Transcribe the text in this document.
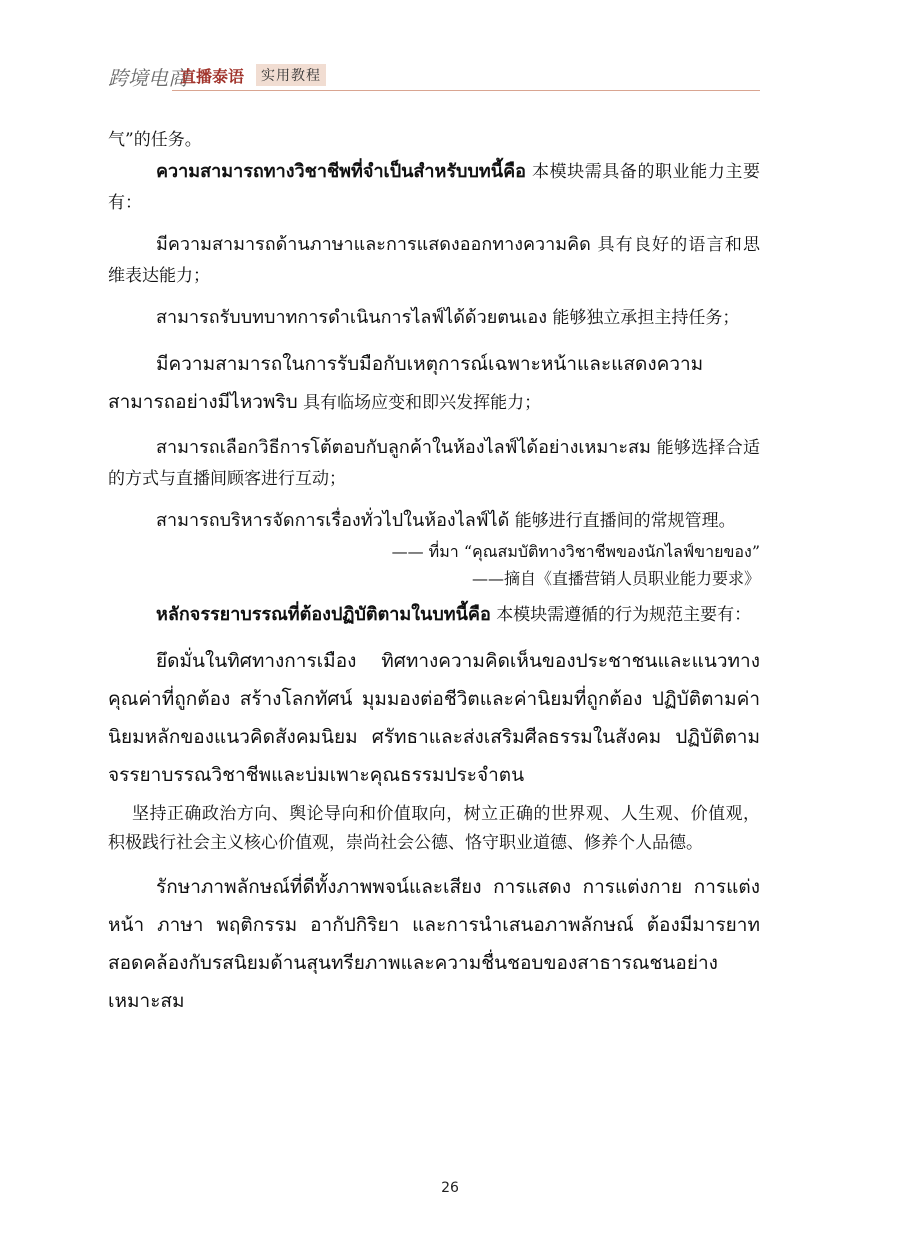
跨境电商
直播泰语	实用教程

气”的任务。

ความสามารถทางวิชาชีพที่จำเป็นสำหรับบทนี้คือ 本模块需具备的职业能力主要有：

มีความสามารถด้านภาษาและการแสดงออกทางความคิด 具有良好的语言和思维表达能力；

สามารถรับบทบาทการดำเนินการไลฟ์ได้ด้วยตนเอง 能够独立承担主持任务；

มีความสามารถในการรับมือกับเหตุการณ์เฉพาะหน้าและแสดงความสามารถอย่างมีไหวพริบ 具有临场应变和即兴发挥能力；

สามารถเลือกวิธีการโต้ตอบกับลูกค้าในห้องไลฟ์ได้อย่างเหมาะสม 能够选择合适的方式与直播间顾客进行互动；

สามารถบริหารจัดการเรื่องทั่วไปในห้องไลฟ์ได้ 能够进行直播间的常规管理。

—— ที่มา “คุณสมบัติทางวิชาชีพของนักไลฟ์ขายของ”

——摘自《直播营销人员职业能力要求》

หลักจรรยาบรรณที่ต้องปฏิบัติตามในบทนี้คือ 本模块需遵循的行为规范主要有：

ยึดมั่นในทิศทางการเมือง ทิศทางความคิดเห็นของประชาชนและแนวทางคุณค่าที่ถูกต้อง สร้างโลกทัศน์ มุมมองต่อชีวิตและค่านิยมที่ถูกต้อง ปฏิบัติตามค่านิยมหลักของแนวคิดสังคมนิยม ศรัทธาและส่งเสริมศีลธรรมในสังคม ปฏิบัติตามจรรยาบรรณวิชาชีพและบ่มเพาะคุณธรรมประจำตน

坚持正确政治方向、舆论导向和价值取向，树立正确的世界观、人生观、价值观，积极践行社会主义核心价值观，崇尚社会公德、恪守职业道德、修养个人品德。

รักษาภาพลักษณ์ที่ดีทั้งภาพพจน์และเสียง การแสดง การแต่งกาย การแต่งหน้า ภาษา พฤติกรรม อากัปกิริยา และการนำเสนอภาพลักษณ์ ต้องมีมารยาทสอดคล้องกับรสนิยมด้านสุนทรียภาพและความชื่นชอบของสาธารณชนอย่างเหมาะสม

26
